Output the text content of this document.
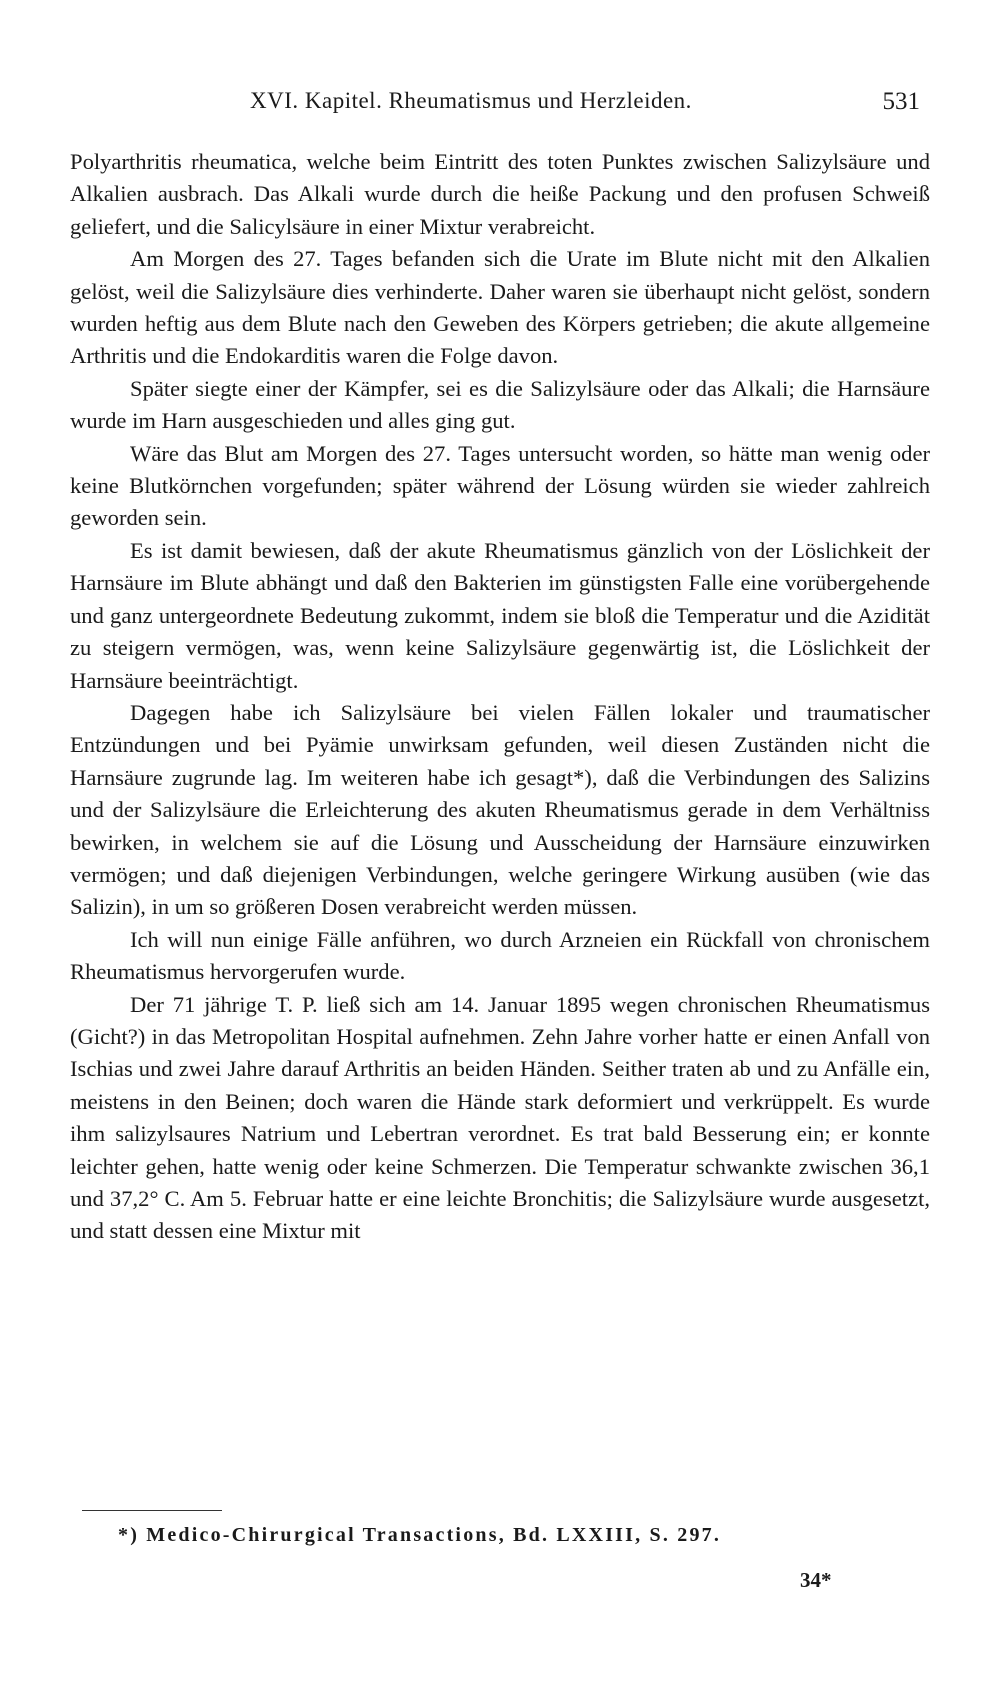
XVI. Kapitel. Rheumatismus und Herzleiden.	531

Polyarthritis rheumatica, welche beim Eintritt des toten Punktes zwischen Salizylsäure und Alkalien ausbrach. Das Alkali wurde durch die heiße Packung und den profusen Schweiß geliefert, und die Salicylsäure in einer Mixtur verabreicht.

Am Morgen des 27. Tages befanden sich die Urate im Blute nicht mit den Alkalien gelöst, weil die Salizylsäure dies verhinderte. Daher waren sie überhaupt nicht gelöst, sondern wurden heftig aus dem Blute nach den Geweben des Körpers getrieben; die akute allgemeine Arthritis und die Endokarditis waren die Folge davon.

Später siegte einer der Kämpfer, sei es die Salizylsäure oder das Alkali; die Harnsäure wurde im Harn ausgeschieden und alles ging gut.

Wäre das Blut am Morgen des 27. Tages untersucht worden, so hätte man wenig oder keine Blutkörnchen vorgefunden; später während der Lösung würden sie wieder zahlreich geworden sein.

Es ist damit bewiesen, daß der akute Rheumatismus gänzlich von der Löslichkeit der Harnsäure im Blute abhängt und daß den Bakterien im günstigsten Falle eine vorübergehende und ganz untergeordnete Bedeutung zukommt, indem sie bloß die Temperatur und die Azidität zu steigern vermögen, was, wenn keine Salizylsäure gegenwärtig ist, die Löslichkeit der Harnsäure beeinträchtigt.

Dagegen habe ich Salizylsäure bei vielen Fällen lokaler und traumatischer Entzündungen und bei Pyämie unwirksam gefunden, weil diesen Zuständen nicht die Harnsäure zugrunde lag. Im weiteren habe ich gesagt*), daß die Verbindungen des Salizins und der Salizylsäure die Erleichterung des akuten Rheumatismus gerade in dem Verhältniss bewirken, in welchem sie auf die Lösung und Ausscheidung der Harnsäure einzuwirken vermögen; und daß diejenigen Verbindungen, welche geringere Wirkung ausüben (wie das Salizin), in um so größeren Dosen verabreicht werden müssen.

Ich will nun einige Fälle anführen, wo durch Arzneien ein Rückfall von chronischem Rheumatismus hervorgerufen wurde.

Der 71 jährige T. P. ließ sich am 14. Januar 1895 wegen chronischen Rheumatismus (Gicht?) in das Metropolitan Hospital aufnehmen. Zehn Jahre vorher hatte er einen Anfall von Ischias und zwei Jahre darauf Arthritis an beiden Händen. Seither traten ab und zu Anfälle ein, meistens in den Beinen; doch waren die Hände stark deformiert und verkrüppelt. Es wurde ihm salizylsaures Natrium und Lebertran verordnet. Es trat bald Besserung ein; er konnte leichter gehen, hatte wenig oder keine Schmerzen. Die Temperatur schwankte zwischen 36,1 und 37,2° C. Am 5. Februar hatte er eine leichte Bronchitis; die Salizylsäure wurde ausgesetzt, und statt dessen eine Mixtur mit

*) Medico-Chirurgical Transactions, Bd. LXXIII, S. 297.
34*
